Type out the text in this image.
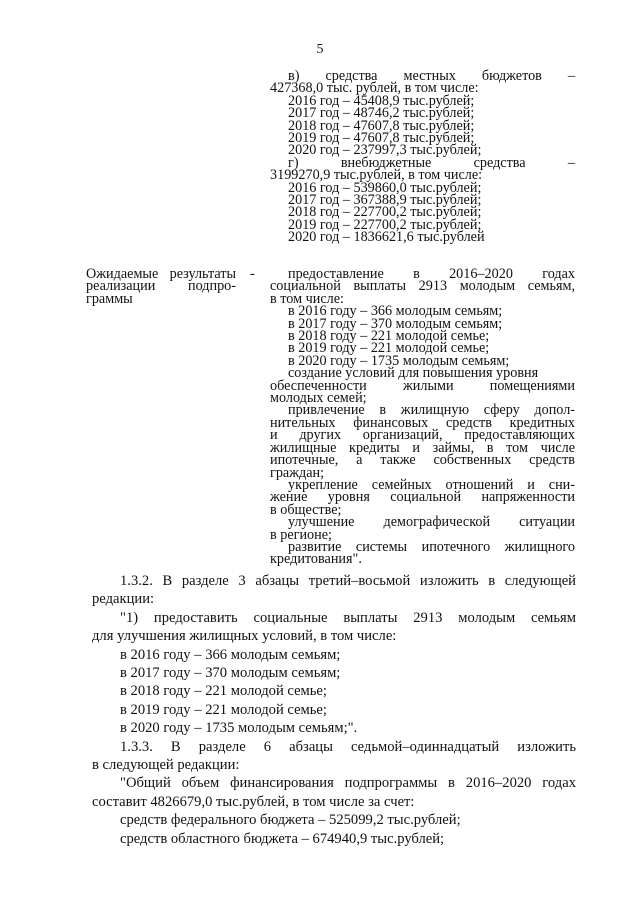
5
в) средства местных бюджетов –
427368,0 тыс. рублей, в том числе:
2016 год – 45408,9 тыс.рублей;
2017 год – 48746,2 тыс.рублей;
2018 год – 47607,8 тыс.рублей;
2019 год – 47607,8 тыс.рублей;
2020 год – 237997,3 тыс.рублей;
г) внебюджетные средства –
3199270,9 тыс.рублей, в том числе:
2016 год – 539860,0 тыс.рублей;
2017 год – 367388,9 тыс.рублей;
2018 год – 227700,2 тыс.рублей;
2019 год – 227700,2 тыс.рублей;
2020 год – 1836621,6 тыс.рублей
Ожидаемые результаты
реализации подпро-
граммы
-	предоставление в 2016–2020 годах
социальной выплаты 2913 молодым семьям,
в том числе:
в 2016 году – 366 молодым семьям;
в 2017 году – 370 молодым семьям;
в 2018 году – 221 молодой семье;
в 2019 году – 221 молодой семье;
в 2020 году – 1735 молодым семьям;
создание условий для повышения уровня
обеспеченности жилыми помещениями
молодых семей;
привлечение в жилищную сферу допол-
нительных финансовых средств кредитных
и других организаций, предоставляющих
жилищные кредиты и займы, в том числе
ипотечные, а также собственных средств
граждан;
укрепление семейных отношений и сни-
жение уровня социальной напряженности
в обществе;
улучшение демографической ситуации
в регионе;
развитие системы ипотечного жилищного
кредитования".
1.3.2. В разделе 3 абзацы третий–восьмой изложить в следующей
редакции:
"1) предоставить социальные выплаты 2913 молодым семьям
для улучшения жилищных условий, в том числе:
в 2016 году – 366 молодым семьям;
в 2017 году – 370 молодым семьям;
в 2018 году – 221 молодой семье;
в 2019 году – 221 молодой семье;
в 2020 году – 1735 молодым семьям;".
1.3.3. В разделе 6 абзацы седьмой–одиннадцатый изложить
в следующей редакции:
"Общий объем финансирования подпрограммы в 2016–2020 годах
составит 4826679,0 тыс.рублей, в том числе за счет:
средств федерального бюджета – 525099,2 тыс.рублей;
средств областного бюджета – 674940,9 тыс.рублей;
